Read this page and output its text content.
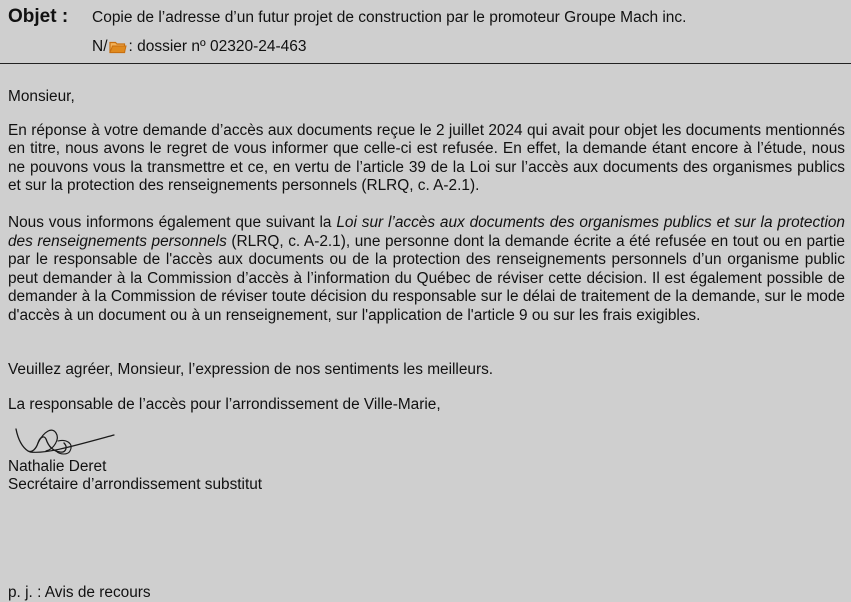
Objet :	Copie de l’adresse d’un futur projet de construction par le promoteur Groupe Mach inc.
N/ : dossier nº 02320-24-463

Monsieur,

En réponse à votre demande d’accès aux documents reçue le 2 juillet 2024 qui avait pour objet les documents mentionnés en titre, nous avons le regret de vous informer que celle-ci est refusée. En effet, la demande étant encore à l’étude, nous ne pouvons vous la transmettre et ce, en vertu de l’article 39 de la Loi sur l’accès aux documents des organismes publics et sur la protection des renseignements personnels (RLRQ, c. A-2.1).

Nous vous informons également que suivant la Loi sur l’accès aux documents des organismes publics et sur la protection des renseignements personnels (RLRQ, c. A-2.1), une personne dont la demande écrite a été refusée en tout ou en partie par le responsable de l'accès aux documents ou de la protection des renseignements personnels d’un organisme public peut demander à la Commission d’accès à l’information du Québec de réviser cette décision. Il est également possible de demander à la Commission de réviser toute décision du responsable sur le délai de traitement de la demande, sur le mode d'accès à un document ou à un renseignement, sur l'application de l'article 9 ou sur les frais exigibles.

Veuillez agréer, Monsieur, l’expression de nos sentiments les meilleurs.

La responsable de l’accès pour l’arrondissement de Ville-Marie,

Nathalie Deret

Secrétaire d’arrondissement substitut

p. j. : Avis de recours
